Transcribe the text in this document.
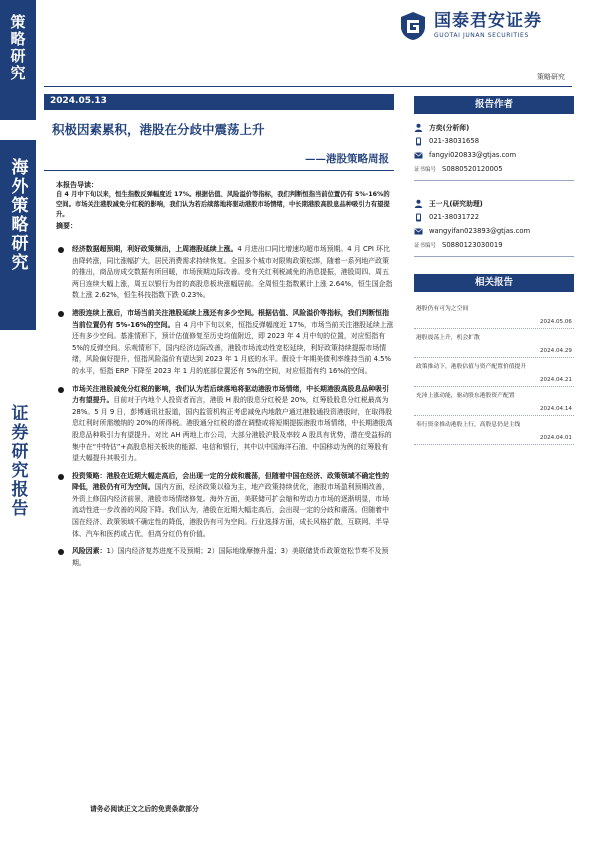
策略研究
海外策略研究
证券研究报告
国泰君安证券
GUOTAI JUNAN SECURITIES
策略研究
2024.05.13
积极因素累积，港股在分歧中震荡上升
——港股策略周报
本报告导读：
自 4 月中下旬以来，恒生指数反弹幅度近 17%。根据估值、风险溢价等指标，我们判断恒指当前位置仍有 5%-16%的空间。市场关注港股减免分红税的影响，我们认为若后续落地将驱动港股市场情绪，中长期港股高股息品种吸引力有望提升。
摘要：
经济数据超预期，利好政策频出，上周港股延续上涨。4 月进出口同比增速均超市场预期。4 月 CPI 环比由降转涨，同比涨幅扩大，居民消费需求持续恢复。全国多个城市对限购政策松绑，随着一系列地产政策的推出，商品房成交数据有所回暖，市场预期边际改善。受有关红利税减免的消息提振，港股周四、周五两日连续大幅上涨，周五以银行为首的高股息板块涨幅居前。全周恒生指数累计上涨 2.64%，恒生国企指数上涨 2.62%，恒生科技指数下跌 0.23%。
港股连续上涨后，市场当前关注港股延续上涨还有多少空间。根据估值、风险溢价等指标，我们判断恒指当前位置仍有 5%-16%的空间。自 4 月中下旬以来，恒指反弹幅度近 17%，市场当前关注港股延续上涨还有多少空间。基准情形下，预计估值修复至历史均值附近，即 2023 年 4 月中旬的位置，对应恒指有 5%的反弹空间。乐观情形下，国内经济边际改善，港股市场流动性宽松延续，利好政策持续提振市场情绪，风险偏好提升，恒指风险溢价有望达到 2023 年 1 月底的水平。假设十年期美债利率维持当前 4.5%的水平，恒指 ERP 下降至 2023 年 1 月的底部位置还有 5%的空间，对应恒指有约 16%的空间。
市场关注港股减免分红税的影响，我们认为若后续落地将驱动港股市场情绪，中长期港股高股息品种吸引力有望提升。目前对于内地个人投资者而言，港股 H 股的股息分红税是 20%，红筹股股息分红税最高为 28%。5 月 9 日，彭博通讯社报道，国内监管机构正考虑减免内地散户通过港股通投资港股时，在取得股息红利时所需缴纳的 20%的所得税。港股通分红税的潜在调整或将短期提振港股市场情绪，中长期港股高股息品种吸引力有望提升。对比 AH 两地上市公司，大部分港股沪股及率较 A 股具有优势，潜在受益标的集中在“中特估”+高股息相关板块的能源、电信和银行，其中以中国海洋石油、中国移动为例的红筹股有望大幅提升其吸引力。
投资策略：港股在近期大幅走高后，会出现一定的分歧和震荡，但随着中国在经济、政策领域不确定性的降低，港股仍有可为空间。国内方面，经济政策以稳为主，地产政策持续优化，港股市场盈利预期改善，外资上修国内经济前景，港股市场情绪修复。海外方面，美联储可扩会缩和劳动力市场的逐渐明显，市场流动性进一步改善的风险下降。我们认为，港股在近期大幅走高后，会出现一定的分歧和震荡。但随着中国在经济、政策领域不确定性的降低，港股仍有可为空间。行业选择方面，成长风格扩散，互联网、半导体、汽车和医药或占优，但高分红仍有价值。
风险因素：1）国内经济复苏进度不及预期；2）国际地缘摩擦升温；3）美联储货币政策宽松节奏不及预期。
报告作者
方奕(分析师)
021-38031658
fangyi020833@gtjas.com
证书编号 S0880520120005
王一凡(研究助理)
021-38031722
wangyifan023893@gtjas.com
证书编号 S0880123030019
相关报告
港股仍有可为之空间
2024.05.06
港股震荡上升，机会扩散
2024.04.29
政策推动下，港股估值与资产配置价值提升
2024.04.21
充沛上涨动能，驱动股东港股资产配置
2024.04.14
奉行资金推动港股上行，高股息仍是主线
2024.04.01
请务必阅读正文之后的免责条款部分
